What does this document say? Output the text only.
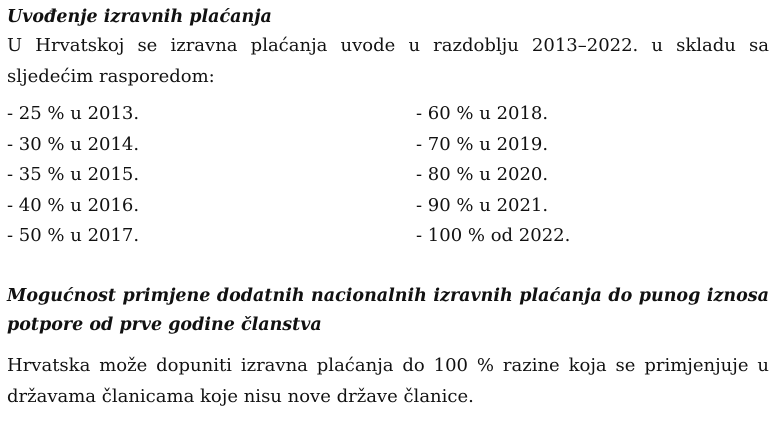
Uvođenje izravnih plaćanja

U Hrvatskoj se izravna plaćanja uvode u razdoblju 2013–2022. u skladu sa
sljedećim rasporedom:

- 25 % u 2013.
- 30 % u 2014.
- 35 % u 2015.
- 40 % u 2016.
- 50 % u 2017.
- 60 % u 2018.
- 70 % u 2019.
- 80 % u 2020.
- 90 % u 2021.
- 100 % od 2022.
Mogućnost primjene dodatnih nacionalnih izravnih plaćanja do punog iznosa
potpore od prve godine članstva

Hrvatska može dopuniti izravna plaćanja do 100 % razine koja se primjenjuje u
državama članicama koje nisu nove države članice.
